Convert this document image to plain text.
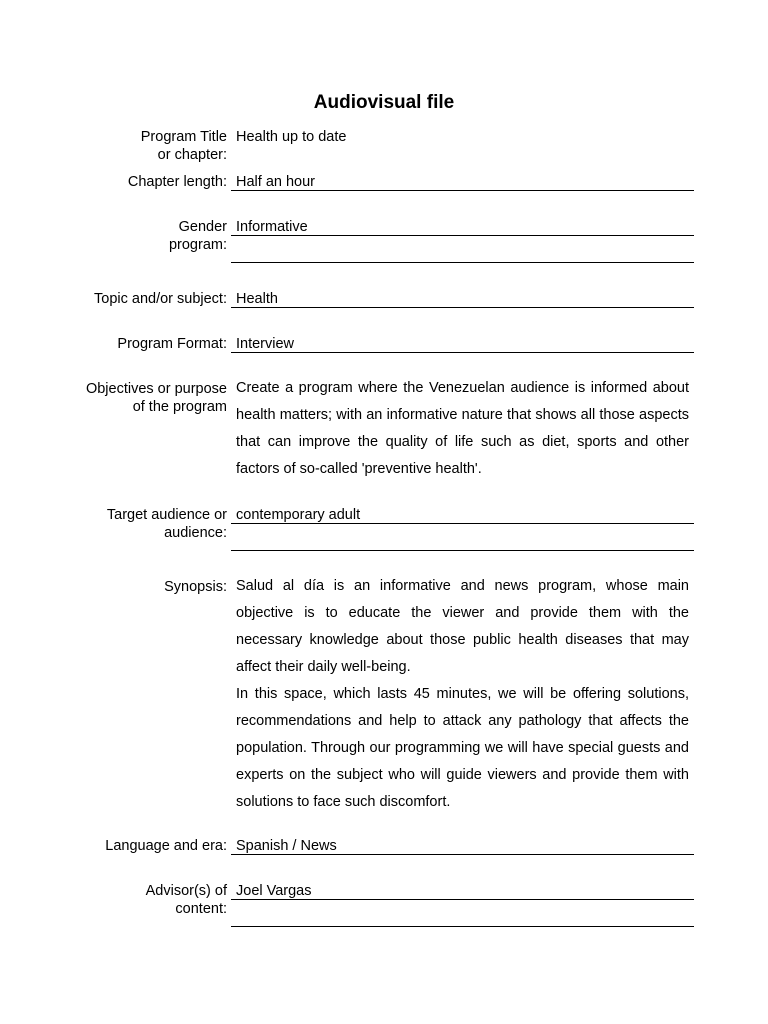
Audiovisual file
Program Title
or chapter:
Health up to date
Chapter length: Half an hour
Gender
program:
Informative
Topic and/or subject: Health
Program Format: Interview
Objectives or purpose
of the program
Create a program where the Venezuelan audience is informed about health matters; with an informative nature that shows all those aspects that can improve the quality of life such as diet, sports and other factors of so-called 'preventive health'.
Target audience or
audience:
contemporary adult
Synopsis: Salud al día is an informative and news program, whose main objective is to educate the viewer and provide them with the necessary knowledge about those public health diseases that may affect their daily well-being.
In this space, which lasts 45 minutes, we will be offering solutions, recommendations and help to attack any pathology that affects the population. Through our programming we will have special guests and experts on the subject who will guide viewers and provide them with solutions to face such discomfort.
Language and era: Spanish / News
Advisor(s) of
content:
Joel Vargas
